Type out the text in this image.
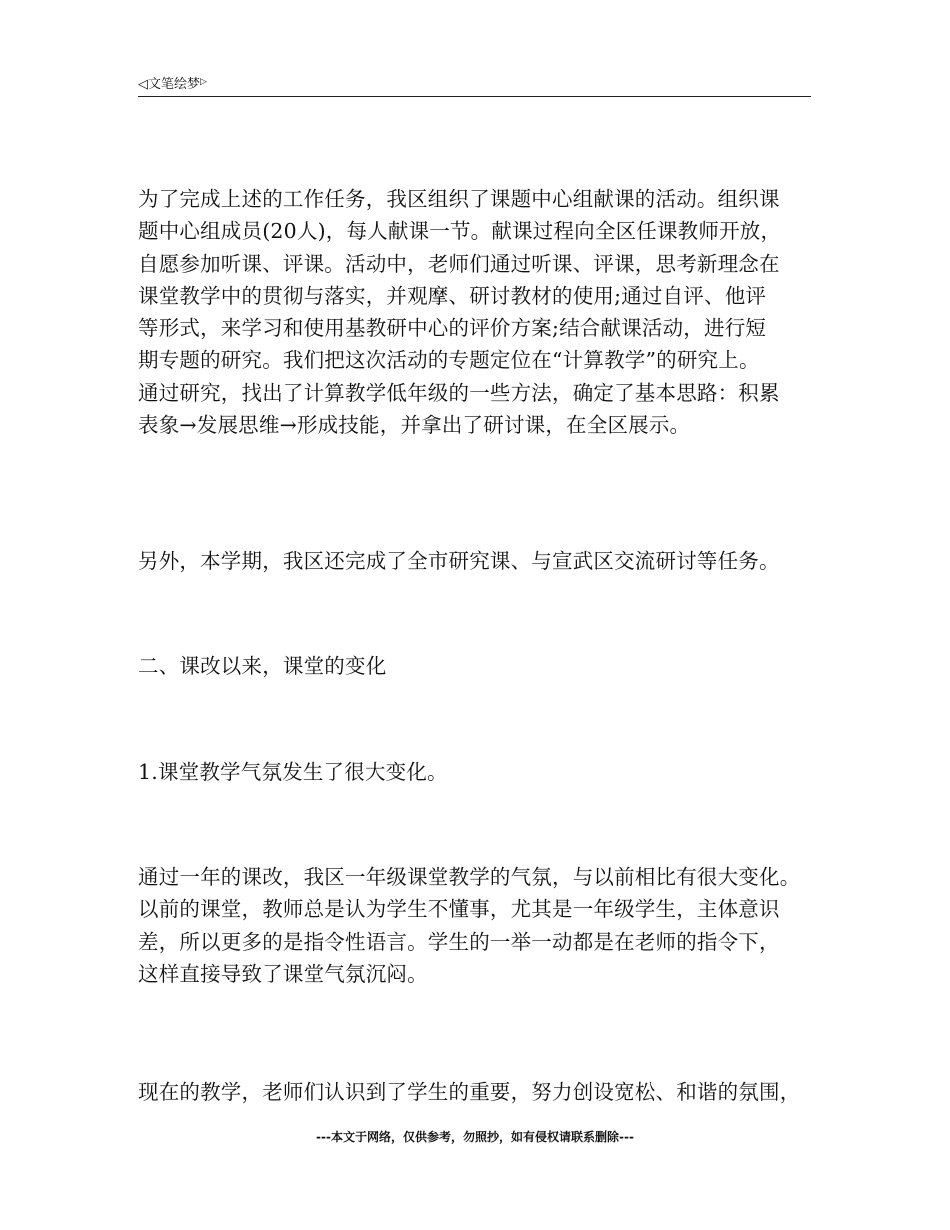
◁文笔绘梦▷

为了完成上述的工作任务，我区组织了课题中心组献课的活动。组织课
题中心组成员(20人)，每人献课一节。献课过程向全区任课教师开放，
自愿参加听课、评课。活动中，老师们通过听课、评课，思考新理念在
课堂教学中的贯彻与落实，并观摩、研讨教材的使用;通过自评、他评
等形式，来学习和使用基教研中心的评价方案;结合献课活动，进行短
期专题的研究。我们把这次活动的专题定位在“计算教学”的研究上。
通过研究，找出了计算教学低年级的一些方法，确定了基本思路：积累
表象→发展思维→形成技能，并拿出了研讨课，在全区展示。

另外，本学期，我区还完成了全市研究课、与宣武区交流研讨等任务。

二、课改以来，课堂的变化

1.课堂教学气氛发生了很大变化。

通过一年的课改，我区一年级课堂教学的气氛，与以前相比有很大变化。
以前的课堂，教师总是认为学生不懂事，尤其是一年级学生，主体意识
差，所以更多的是指令性语言。学生的一举一动都是在老师的指令下，
这样直接导致了课堂气氛沉闷。

现在的教学，老师们认识到了学生的重要，努力创设宽松、和谐的氛围，

---本文于网络，仅供参考，勿照抄，如有侵权请联系删除---
